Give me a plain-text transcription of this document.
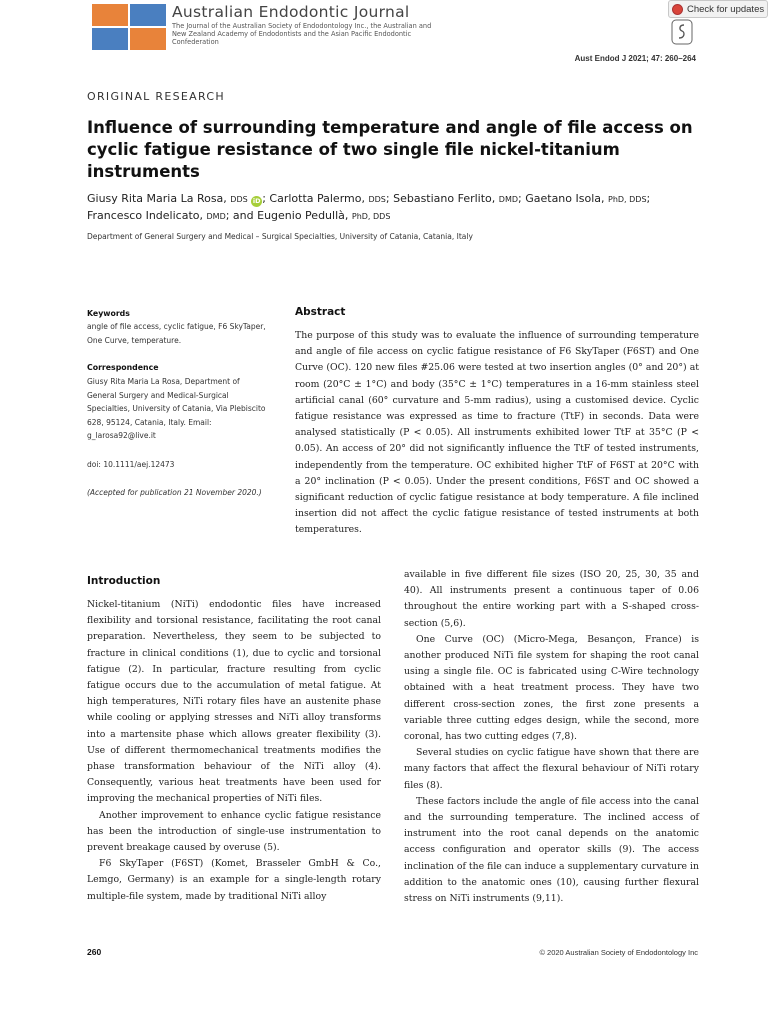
Australian Endodontic Journal
The Journal of the Australian Society of Endodontology Inc., the Australian and New Zealand Academy of Endodontists and the Asian Pacific Endodontic Confederation
Check for updates
Aust Endod J 2021; 47: 260–264
ORIGINAL RESEARCH
Influence of surrounding temperature and angle of file access on cyclic fatigue resistance of two single file nickel-titanium instruments
Giusy Rita Maria La Rosa, DDS iD ; Carlotta Palermo, DDS; Sebastiano Ferlito, DMD; Gaetano Isola, PhD, DDS;
Francesco Indelicato, DMD; and Eugenio Pedullà, PhD, DDS
Department of General Surgery and Medical – Surgical Specialties, University of Catania, Catania, Italy
Keywords
angle of file access, cyclic fatigue, F6 SkyTaper,
One Curve, temperature.
Correspondence
Giusy Rita Maria La Rosa, Department of
General Surgery and Medical-Surgical
Specialties, University of Catania, Via Plebiscito
628, 95124, Catania, Italy. Email:
g_larosa92@live.it
doi: 10.1111/aej.12473
(Accepted for publication 21 November 2020.)
Abstract
The purpose of this study was to evaluate the influence of surrounding temperature and angle of file access on cyclic fatigue resistance of F6 SkyTaper (F6ST) and One Curve (OC). 120 new files #25.06 were tested at two insertion angles (0° and 20°) at room (20°C ± 1°C) and body (35°C ± 1°C) temperatures in a 16-mm stainless steel artificial canal (60° curvature and 5-mm radius), using a customised device. Cyclic fatigue resistance was expressed as time to fracture (TtF) in seconds. Data were analysed statistically (P < 0.05). All instruments exhibited lower TtF at 35°C (P < 0.05). An access of 20° did not significantly influence the TtF of tested instruments, independently from the temperature. OC exhibited higher TtF of F6ST at 20°C with a 20° inclination (P < 0.05). Under the present conditions, F6ST and OC showed a significant reduction of cyclic fatigue resistance at body temperature. A file inclined insertion did not affect the cyclic fatigue resistance of tested instruments at both temperatures.
Introduction

Nickel-titanium (NiTi) endodontic files have increased flexibility and torsional resistance, facilitating the root canal preparation. Nevertheless, they seem to be subjected to fracture in clinical conditions (1), due to cyclic and torsional fatigue (2). In particular, fracture resulting from cyclic fatigue occurs due to the accumulation of metal fatigue. At high temperatures, NiTi rotary files have an austenite phase while cooling or applying stresses and NiTi alloy transforms into a martensite phase which allows greater flexibility (3). Use of different thermomechanical treatments modifies the phase transformation behaviour of the NiTi alloy (4). Consequently, various heat treatments have been used for improving the mechanical properties of NiTi files.

Another improvement to enhance cyclic fatigue resistance has been the introduction of single-use instrumentation to prevent breakage caused by overuse (5).

F6 SkyTaper (F6ST) (Komet, Brasseler GmbH & Co., Lemgo, Germany) is an example for a single-length rotary multiple-file system, made by traditional NiTi alloy

available in five different file sizes (ISO 20, 25, 30, 35 and 40). All instruments present a continuous taper of 0.06 throughout the entire working part with a S-shaped cross-section (5,6).

One Curve (OC) (Micro-Mega, Besançon, France) is another produced NiTi file system for shaping the root canal using a single file. OC is fabricated using C-Wire technology obtained with a heat treatment process. They have two different cross-section zones, the first zone presents a variable three cutting edges design, while the second, more coronal, has two cutting edges (7,8).

Several studies on cyclic fatigue have shown that there are many factors that affect the flexural behaviour of NiTi rotary files (8).

These factors include the angle of file access into the canal and the surrounding temperature. The inclined access of instrument into the root canal depends on the anatomic access configuration and operator skills (9). The access inclination of the file can induce a supplementary curvature in addition to the anatomic ones (10), causing further flexural stress on NiTi instruments (9,11).

260	© 2020 Australian Society of Endodontology Inc
